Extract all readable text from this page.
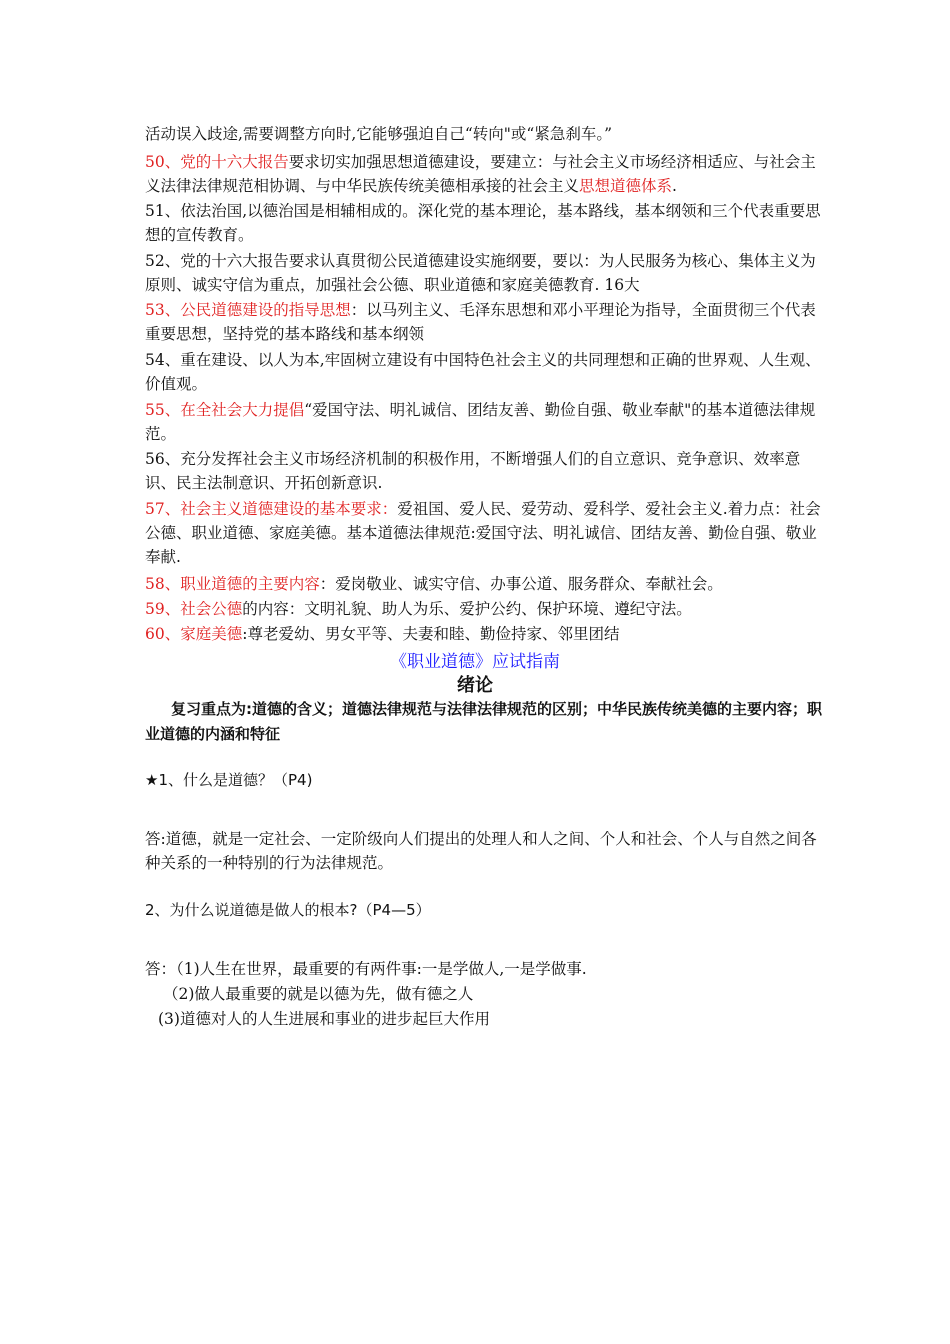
活动误入歧途,需要调整方向时,它能够强迫自己“转向"或“紧急刹车。”

50、党的十六大报告要求切实加强思想道德建设，要建立：与社会主义市场经济相适应、与社会主义法律法律规范相协调、与中华民族传统美德相承接的社会主义思想道德体系.

51、依法治国,以德治国是相辅相成的。深化党的基本理论，基本路线，基本纲领和三个代表重要思想的宣传教育。

52、党的十六大报告要求认真贯彻公民道德建设实施纲要，要以：为人民服务为核心、集体主义为原则、诚实守信为重点，加强社会公德、职业道德和家庭美德教育. 16大

53、公民道德建设的指导思想：以马列主义、毛泽东思想和邓小平理论为指导，全面贯彻三个代表重要思想，坚持党的基本路线和基本纲领

54、重在建设、以人为本,牢固树立建设有中国特色社会主义的共同理想和正确的世界观、人生观、价值观。

55、在全社会大力提倡“爱国守法、明礼诚信、团结友善、勤俭自强、敬业奉献"的基本道德法律规范。

56、充分发挥社会主义市场经济机制的积极作用，不断增强人们的自立意识、竞争意识、效率意识、民主法制意识、开拓创新意识.

57、社会主义道德建设的基本要求：爱祖国、爱人民、爱劳动、爱科学、爱社会主义.着力点：社会公德、职业道德、家庭美德。基本道德法律规范:爱国守法、明礼诚信、团结友善、勤俭自强、敬业奉献.

58、职业道德的主要内容：爱岗敬业、诚实守信、办事公道、服务群众、奉献社会。

59、社会公德的内容：文明礼貌、助人为乐、爱护公约、保护环境、遵纪守法。

60、家庭美德:尊老爱幼、男女平等、夫妻和睦、勤俭持家、邻里团结

《职业道德》应试指南

绪论

复习重点为:道德的含义；道德法律规范与法律法律规范的区别；中华民族传统美德的主要内容；职业道德的内涵和特征

★1、什么是道德？（P4)

答:道德，就是一定社会、一定阶级向人们提出的处理人和人之间、个人和社会、个人与自然之间各种关系的一种特别的行为法律规范。

2、为什么说道德是做人的根本?（P4—5）

答：（1)人生在世界，最重要的有两件事:一是学做人,一是学做事.

（2)做人最重要的就是以德为先，做有德之人

(3)道德对人的人生进展和事业的进步起巨大作用
